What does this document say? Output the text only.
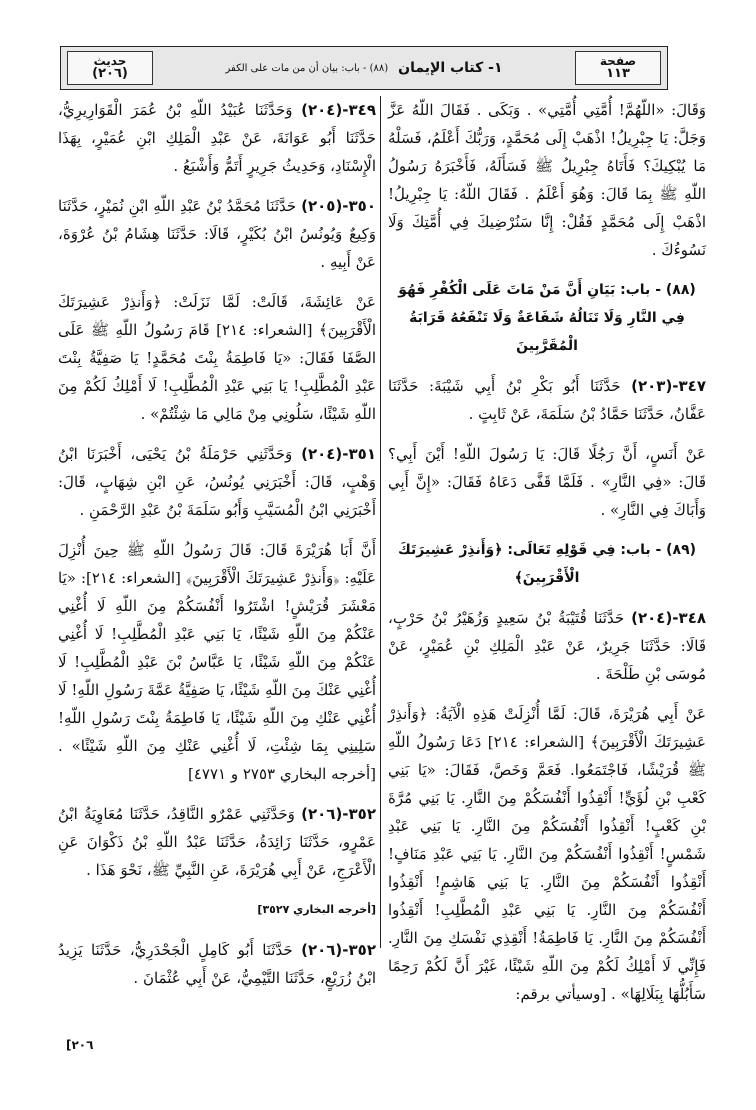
صفحة
١١٣
١- كتاب الإيمان
(٨٨) - باب: بيان أن من مات على الكفر
حديث
(٢٠٦)
وَقَالَ: «اللّهُمَّ! أُمَّتِي أُمَّتِي» . وَبَكَى . فَقَالَ اللّهُ عَزَّ وَجَلَّ: يَا جِبْرِيلُ! اذْهَبْ إِلَى مُحَمَّدٍ، وَرَبُّكَ أَعْلَمُ، فَسَلْهُ مَا يُبْكِيكَ؟ فَأَتَاهُ جِبْرِيلُ ﷺ فَسَأَلَهُ، فَأَخْبَرَهُ رَسُولُ اللّهِ ﷺ بِمَا قَالَ: وَهُوَ أَعْلَمُ . فَقَالَ اللّهُ: يَا جِبْرِيلُ! اذْهَبْ إِلَى مُحَمَّدٍ فَقُلْ: إِنَّا سَنُرْضِيكَ فِي أُمَّتِكَ وَلَا نَسُوءُكَ .
(٨٨) - باب: بَيَانِ أَنَّ مَنْ مَاتَ عَلَى الْكُفْرِ فَهُوَ فِي النَّارِ وَلَا تَنَالُهُ شَفَاعَةٌ وَلَا تَنْفَعُهُ قَرَابَةُ الْمُقَرَّبِينَ
٣٤٧-(٢٠٣) حَدَّثَنَا أَبُو بَكْرِ بْنُ أَبِي شَيْبَةَ: حَدَّثَنَا عَفَّانُ، حَدَّثَنَا حَمَّادُ بْنُ سَلَمَةَ، عَنْ ثَابِتٍ .
عَنْ أَنَسٍ، أَنَّ رَجُلًا قَالَ: يَا رَسُولَ اللّهِ! أَيْنَ أَبِي؟ قَالَ: «فِي النَّارِ» . فَلَمَّا قَفَّى دَعَاهُ فَقَالَ: «إِنَّ أَبِي وَأَبَاكَ فِي النَّارِ» .
(٨٩) - باب: فِي قَوْلِهِ تَعَالَى: ﴿وَأَنذِرْ عَشِيرَتَكَ الْأَقْرَبِينَ﴾
٣٤٨-(٢٠٤) حَدَّثَنَا قُتَيْبَةُ بْنُ سَعِيدٍ وَزُهَيْرُ بْنُ حَرْبٍ، قَالَا: حَدَّثَنَا جَرِيرٌ، عَنْ عَبْدِ الْمَلِكِ بْنِ عُمَيْرٍ، عَنْ مُوسَى بْنِ طَلْحَةَ .
عَنْ أَبِي هُرَيْرَةَ، قَالَ: لَمَّا أُنْزِلَتْ هَذِهِ الْآيَةُ: ﴿وَأَنذِرْ عَشِيرَتَكَ الْأَقْرَبِينَ﴾ [الشعراء: ٢١٤] دَعَا رَسُولُ اللّهِ ﷺ قُرَيْشًا، فَاجْتَمَعُوا. فَعَمَّ وَخَصَّ، فَقَالَ: «يَا بَنِي كَعْبِ بْنِ لُؤَيٍّ! أَنْقِذُوا أَنْفُسَكُمْ مِنَ النَّارِ. يَا بَنِي مُرَّةَ بْنِ كَعْبٍ! أَنْقِذُوا أَنْفُسَكُمْ مِنَ النَّارِ. يَا بَنِي عَبْدِ شَمْسٍ! أَنْقِذُوا أَنْفُسَكُمْ مِنَ النَّارِ. يَا بَنِي عَبْدِ مَنَافٍ! أَنْقِذُوا أَنْفُسَكُمْ مِنَ النَّارِ. يَا بَنِي هَاشِمٍ! أَنْقِذُوا أَنْفُسَكُمْ مِنَ النَّارِ. يَا بَنِي عَبْدِ الْمُطَّلِبِ! أَنْقِذُوا أَنْفُسَكُمْ مِنَ النَّارِ. يَا فَاطِمَةُ! أَنْقِذِي نَفْسَكِ مِنَ النَّارِ. فَإِنِّي لَا أَمْلِكُ لَكُمْ مِنَ اللّهِ شَيْئًا، غَيْرَ أَنَّ لَكُمْ رَحِمًا سَأَبُلُّهَا بِبَلَالِهَا» . [وسيأتي برقم:
٣٤٩-(٢٠٤) وَحَدَّثَنَا عُبَيْدُ اللّهِ بْنُ عُمَرَ الْقَوَارِيرِيُّ، حَدَّثَنَا أَبُو عَوَانَةَ، عَنْ عَبْدِ الْمَلِكِ ابْنِ عُمَيْرٍ، بِهَذَا الْإِسْنَادِ، وَحَدِيثُ جَرِيرٍ أَتَمُّ وَأَشْبَعُ .
٣٥٠-(٢٠٥) حَدَّثَنَا مُحَمَّدُ بْنُ عَبْدِ اللّهِ ابْنِ نُمَيْرٍ، حَدَّثَنَا وَكِيعٌ وَيُونُسُ ابْنُ بُكَيْرٍ، قَالَا: حَدَّثَنَا هِشَامُ بْنُ عُرْوَةَ، عَنْ أَبِيهِ .
عَنْ عَائِشَةَ، قَالَتْ: لَمَّا نَزَلَتْ: ﴿وَأَنذِرْ عَشِيرَتَكَ الْأَقْرَبِينَ﴾ [الشعراء: ٢١٤] قَامَ رَسُولُ اللّهِ ﷺ عَلَى الصَّفَا فَقَالَ: «يَا فَاطِمَةُ بِنْتَ مُحَمَّدٍ! يَا صَفِيَّةُ بِنْتَ عَبْدِ الْمُطَّلِبِ! يَا بَنِي عَبْدِ الْمُطَّلِبِ! لَا أَمْلِكُ لَكُمْ مِنَ اللّهِ شَيْئًا، سَلُونِي مِنْ مَالِي مَا شِئْتُمْ» .
٣٥١-(٢٠٤) وَحَدَّثَنِي حَرْمَلَةُ بْنُ يَحْيَى، أَخْبَرَنَا ابْنُ وَهْبٍ، قَالَ: أَخْبَرَنِي يُونُسُ، عَنِ ابْنِ شِهَابٍ، قَالَ: أَخْبَرَنِي ابْنُ الْمُسَيَّبِ وَأَبُو سَلَمَةَ بْنُ عَبْدِ الرَّحْمَنِ .
أَنَّ أَبَا هُرَيْرَةَ قَالَ: قَالَ رَسُولُ اللّهِ ﷺ حِينَ أُنْزِلَ عَلَيْهِ: ﴿وَأَنذِرْ عَشِيرَتَكَ الْأَقْرَبِينَ﴾ [الشعراء: ٢١٤]: «يَا مَعْشَرَ قُرَيْشٍ! اشْتَرُوا أَنْفُسَكُمْ مِنَ اللّهِ لَا أُغْنِي عَنْكُمْ مِنَ اللّهِ شَيْئًا، يَا بَنِي عَبْدِ الْمُطَّلِبِ! لَا أُغْنِي عَنْكُمْ مِنَ اللّهِ شَيْئًا، يَا عَبَّاسُ بْنَ عَبْدِ الْمُطَّلِبِ! لَا أُغْنِي عَنْكَ مِنَ اللّهِ شَيْئًا، يَا صَفِيَّةُ عَمَّةَ رَسُولِ اللّهِ! لَا أُغْنِي عَنْكِ مِنَ اللّهِ شَيْئًا، يَا فَاطِمَةُ بِنْتَ رَسُولِ اللّهِ! سَلِينِي بِمَا شِئْتِ، لَا أُغْنِي عَنْكِ مِنَ اللّهِ شَيْئًا» . [أخرجه البخاري ٢٧٥٣ و ٤٧٧١]
٣٥٢-(٢٠٦) وَحَدَّثَنِي عَمْرٌو النَّاقِدُ، حَدَّثَنَا مُعَاوِيَةُ ابْنُ عَمْرٍو، حَدَّثَنَا زَائِدَةُ، حَدَّثَنَا عَبْدُ اللّهِ بْنُ ذَكْوَانَ عَنِ الْأَعْرَجِ، عَنْ أَبِي هُرَيْرَةَ، عَنِ النَّبِيِّ ﷺ، نَحْوَ هَذَا .
[أخرجه البخاري ٣٥٢٧]
٣٥٢-(٢٠٦) حَدَّثَنَا أَبُو كَامِلٍ الْجَحْدَرِيُّ، حَدَّثَنَا يَزِيدُ ابْنُ زُرَيْعٍ، حَدَّثَنَا التَّيْمِيُّ، عَنْ أَبِي عُثْمَانَ .
[٢٠٦
